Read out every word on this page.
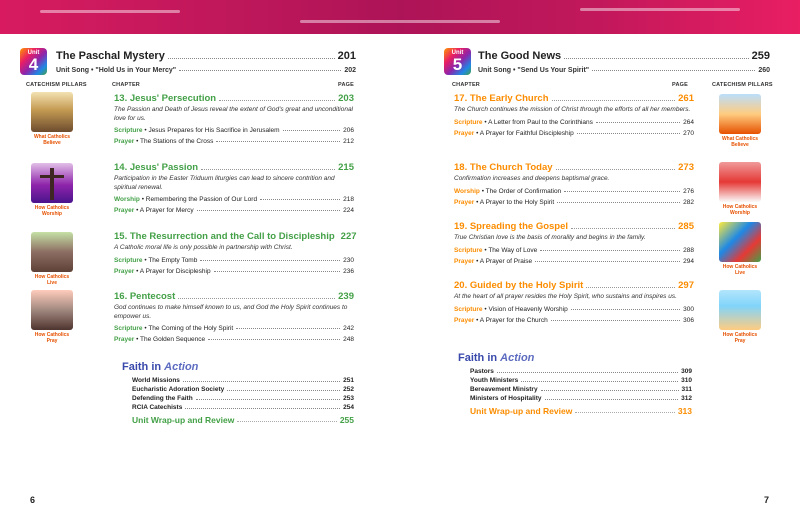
Unit
4	The Paschal Mystery	201
Unit Song • "Hold Us in Your Mercy"	202
CATECHISM PILLARS	CHAPTER	PAGE
What Catholics Believe
How Catholics Worship
How Catholics Live
How Catholics Pray
13. Jesus' Persecution	203
The Passion and Death of Jesus reveal the extent of God's great and unconditional love for us.
Scripture
• Jesus Prepares for His Sacrifice in Jerusalem	206
Prayer
• The Stations of the Cross	212
14. Jesus' Passion	215
Participation in the Easter Triduum liturgies can lead to sincere contrition and spiritual renewal.
Worship
• Remembering the Passion of Our Lord	218
Prayer
• A Prayer for Mercy	224
15. The Resurrection and the Call to Discipleship 227
A Catholic moral life is only possible in partnership with Christ.
Scripture
• The Empty Tomb	230
Prayer
• A Prayer for Discipleship	236
16. Pentecost	239
God continues to make himself known to us, and God the Holy Spirit continues to empower us.
Scripture
• The Coming of the Holy Spirit	242
Prayer
• The Golden Sequence	248
Faith in Action
World Missions	251
Eucharistic Adoration Society	252
Defending the Faith	253
RCIA Catechists	254
Unit Wrap-up and Review	255
Unit
5	The Good News	259
Unit Song • "Send Us Your Spirit"	260
CHAPTER	PAGE	CATECHISM PILLARS
What Catholics Believe
How Catholics Worship
How Catholics Live
How Catholics Pray
17. The Early Church	261
The Church continues the mission of Christ through the efforts of all her members.
Scripture
• A Letter from Paul to the Corinthians	264
Prayer
• A Prayer for Faithful Discipleship	270
18. The Church Today	273
Confirmation increases and deepens baptismal grace.
Worship
• The Order of Confirmation	276
Prayer
• A Prayer to the Holy Spirit	282
19. Spreading the Gospel	285
True Christian love is the basis of morality and begins in the family.
Scripture
• The Way of Love	288
Prayer
• A Prayer of Praise	294
20. Guided by the Holy Spirit	297
At the heart of all prayer resides the Holy Spirit, who sustains and inspires us.
Scripture
• Vision of Heavenly Worship	300
Prayer
• A Prayer for the Church	306
Faith in Action
Pastors	309
Youth Ministers	310
Bereavement Ministry	311
Ministers of Hospitality	312
Unit Wrap-up and Review	313
6	7
